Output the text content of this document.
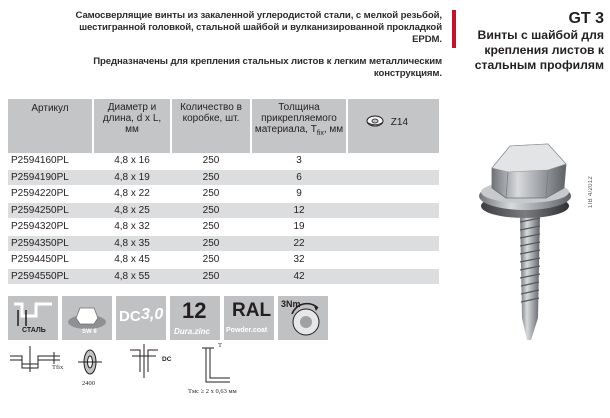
Самосверлящие винты из закаленной углеродистой стали, с мелкой резьбой, шестигранной головкой, стальной шайбой и вулканизированной прокладкой EPDM.

Предназначены для крепления стальных листов к легким металлическим конструкциям.

GT 3
Винты с шайбой для крепления листов к стальным профилям
Артикул	Диаметр и длина, d x L, мм	Количество в коробке, шт.	Толщина прикрепляемого материала, $T_{fix}$, мм	Z14
P2594160PL	4,8 x 16	250	3	
P2594190PL	4,8 x 19	250	6	
P2594220PL	4,8 x 22	250	9	
P2594250PL	4,8 x 25	250	12	
P2594320PL	4,8 x 32	250	19	
P2594350PL	4,8 x 35	250	22	
P2594450PL	4,8 x 45	250	32	
P2594550PL	4,8 x 55	250	42	
1IB 4/2012
СТАЛЬ	SW 8
DC 3,0 12
Dura.zinc
RAL
Powder.coat
3Nm
Tfix
2400
DC
T
Tмс ≥ 2 x 0,63 мм
